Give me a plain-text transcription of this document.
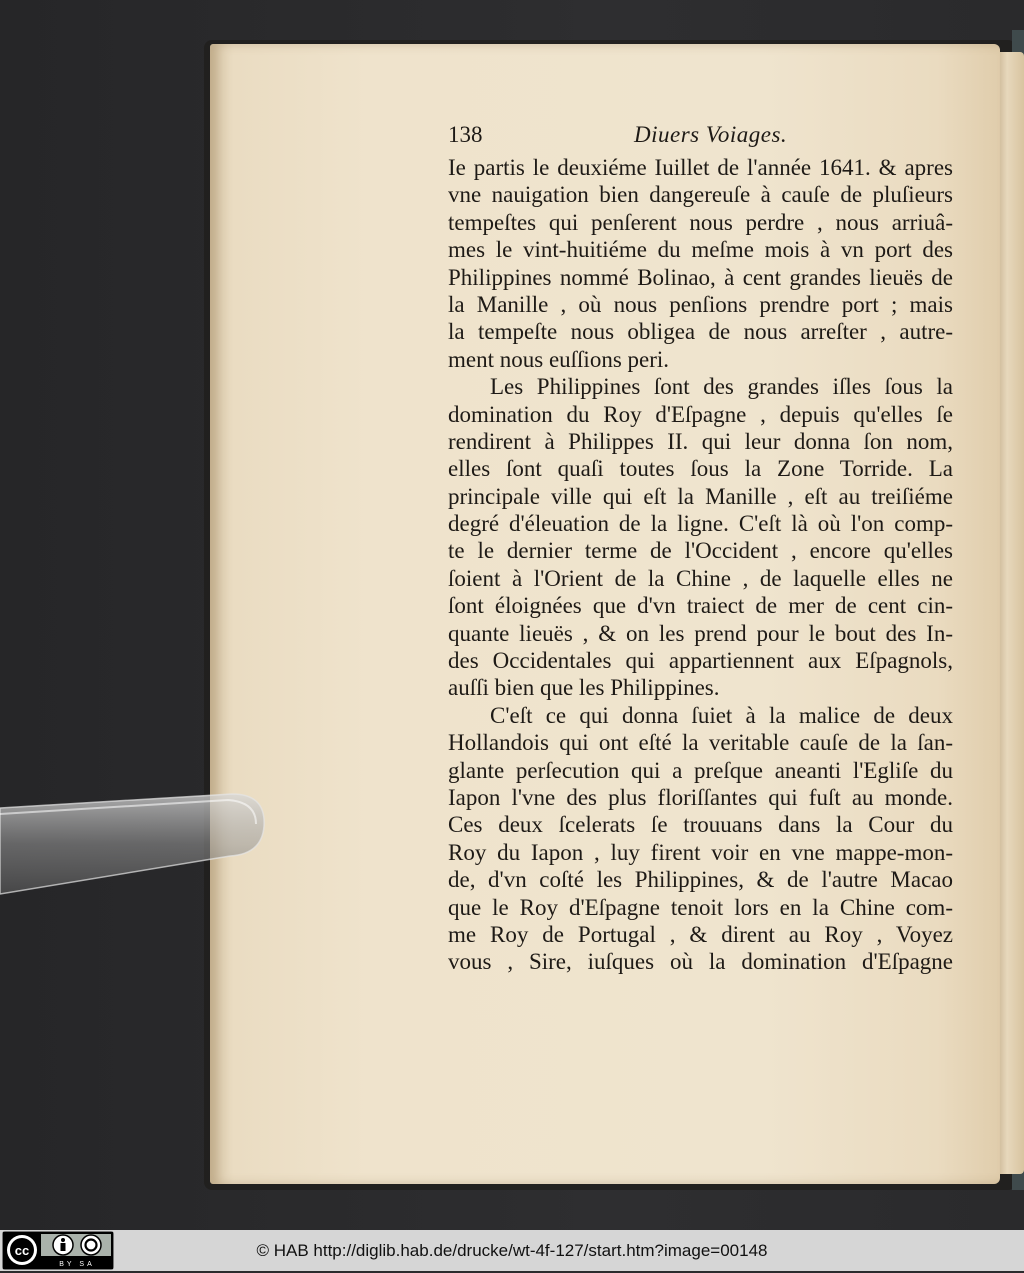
138	Diuers Voiages.
Ie partis le deuxiéme Iuillet de l'année 1641. & apres
vne nauigation bien dangereuſe à cauſe de pluſieurs
tempeſtes qui penſerent nous perdre , nous arriuâ-
mes le vint-huitiéme du meſme mois à vn port des
Philippines nommé Bolinao, à cent grandes lieuës de
la Manille , où nous penſions prendre port ; mais
la tempeſte nous obligea de nous arreſter , autre-
ment nous euſſions peri.
Les Philippines ſont des grandes iſles ſous la
domination du Roy d'Eſpagne , depuis qu'elles ſe
rendirent à Philippes II. qui leur donna ſon nom,
elles ſont quaſi toutes ſous la Zone Torride. La
principale ville qui eſt la Manille , eſt au treiſiéme
degré d'éleuation de la ligne. C'eſt là où l'on comp-
te le dernier terme de l'Occident , encore qu'elles
ſoient à l'Orient de la Chine , de laquelle elles ne
ſont éloignées que d'vn traiect de mer de cent cin-
quante lieuës , & on les prend pour le bout des In-
des Occidentales qui appartiennent aux Eſpagnols,
auſſi bien que les Philippines.
C'eſt ce qui donna ſuiet à la malice de deux
Hollandois qui ont eſté la veritable cauſe de la ſan-
glante perſecution qui a preſque aneanti l'Egliſe du
Iapon l'vne des plus floriſſantes qui fuſt au monde.
Ces deux ſcelerats ſe trouuans dans la Cour du
Roy du Iapon , luy firent voir en vne mappe-mon-
de, d'vn coſté les Philippines, & de l'autre Macao
que le Roy d'Eſpagne tenoit lors en la Chine com-
me Roy de Portugal , & dirent au Roy , Voyez
vous , Sire, iuſques où la domination d'Eſpagne
cc
BY SA
© HAB http://diglib.hab.de/drucke/wt-4f-127/start.htm?image=00148
